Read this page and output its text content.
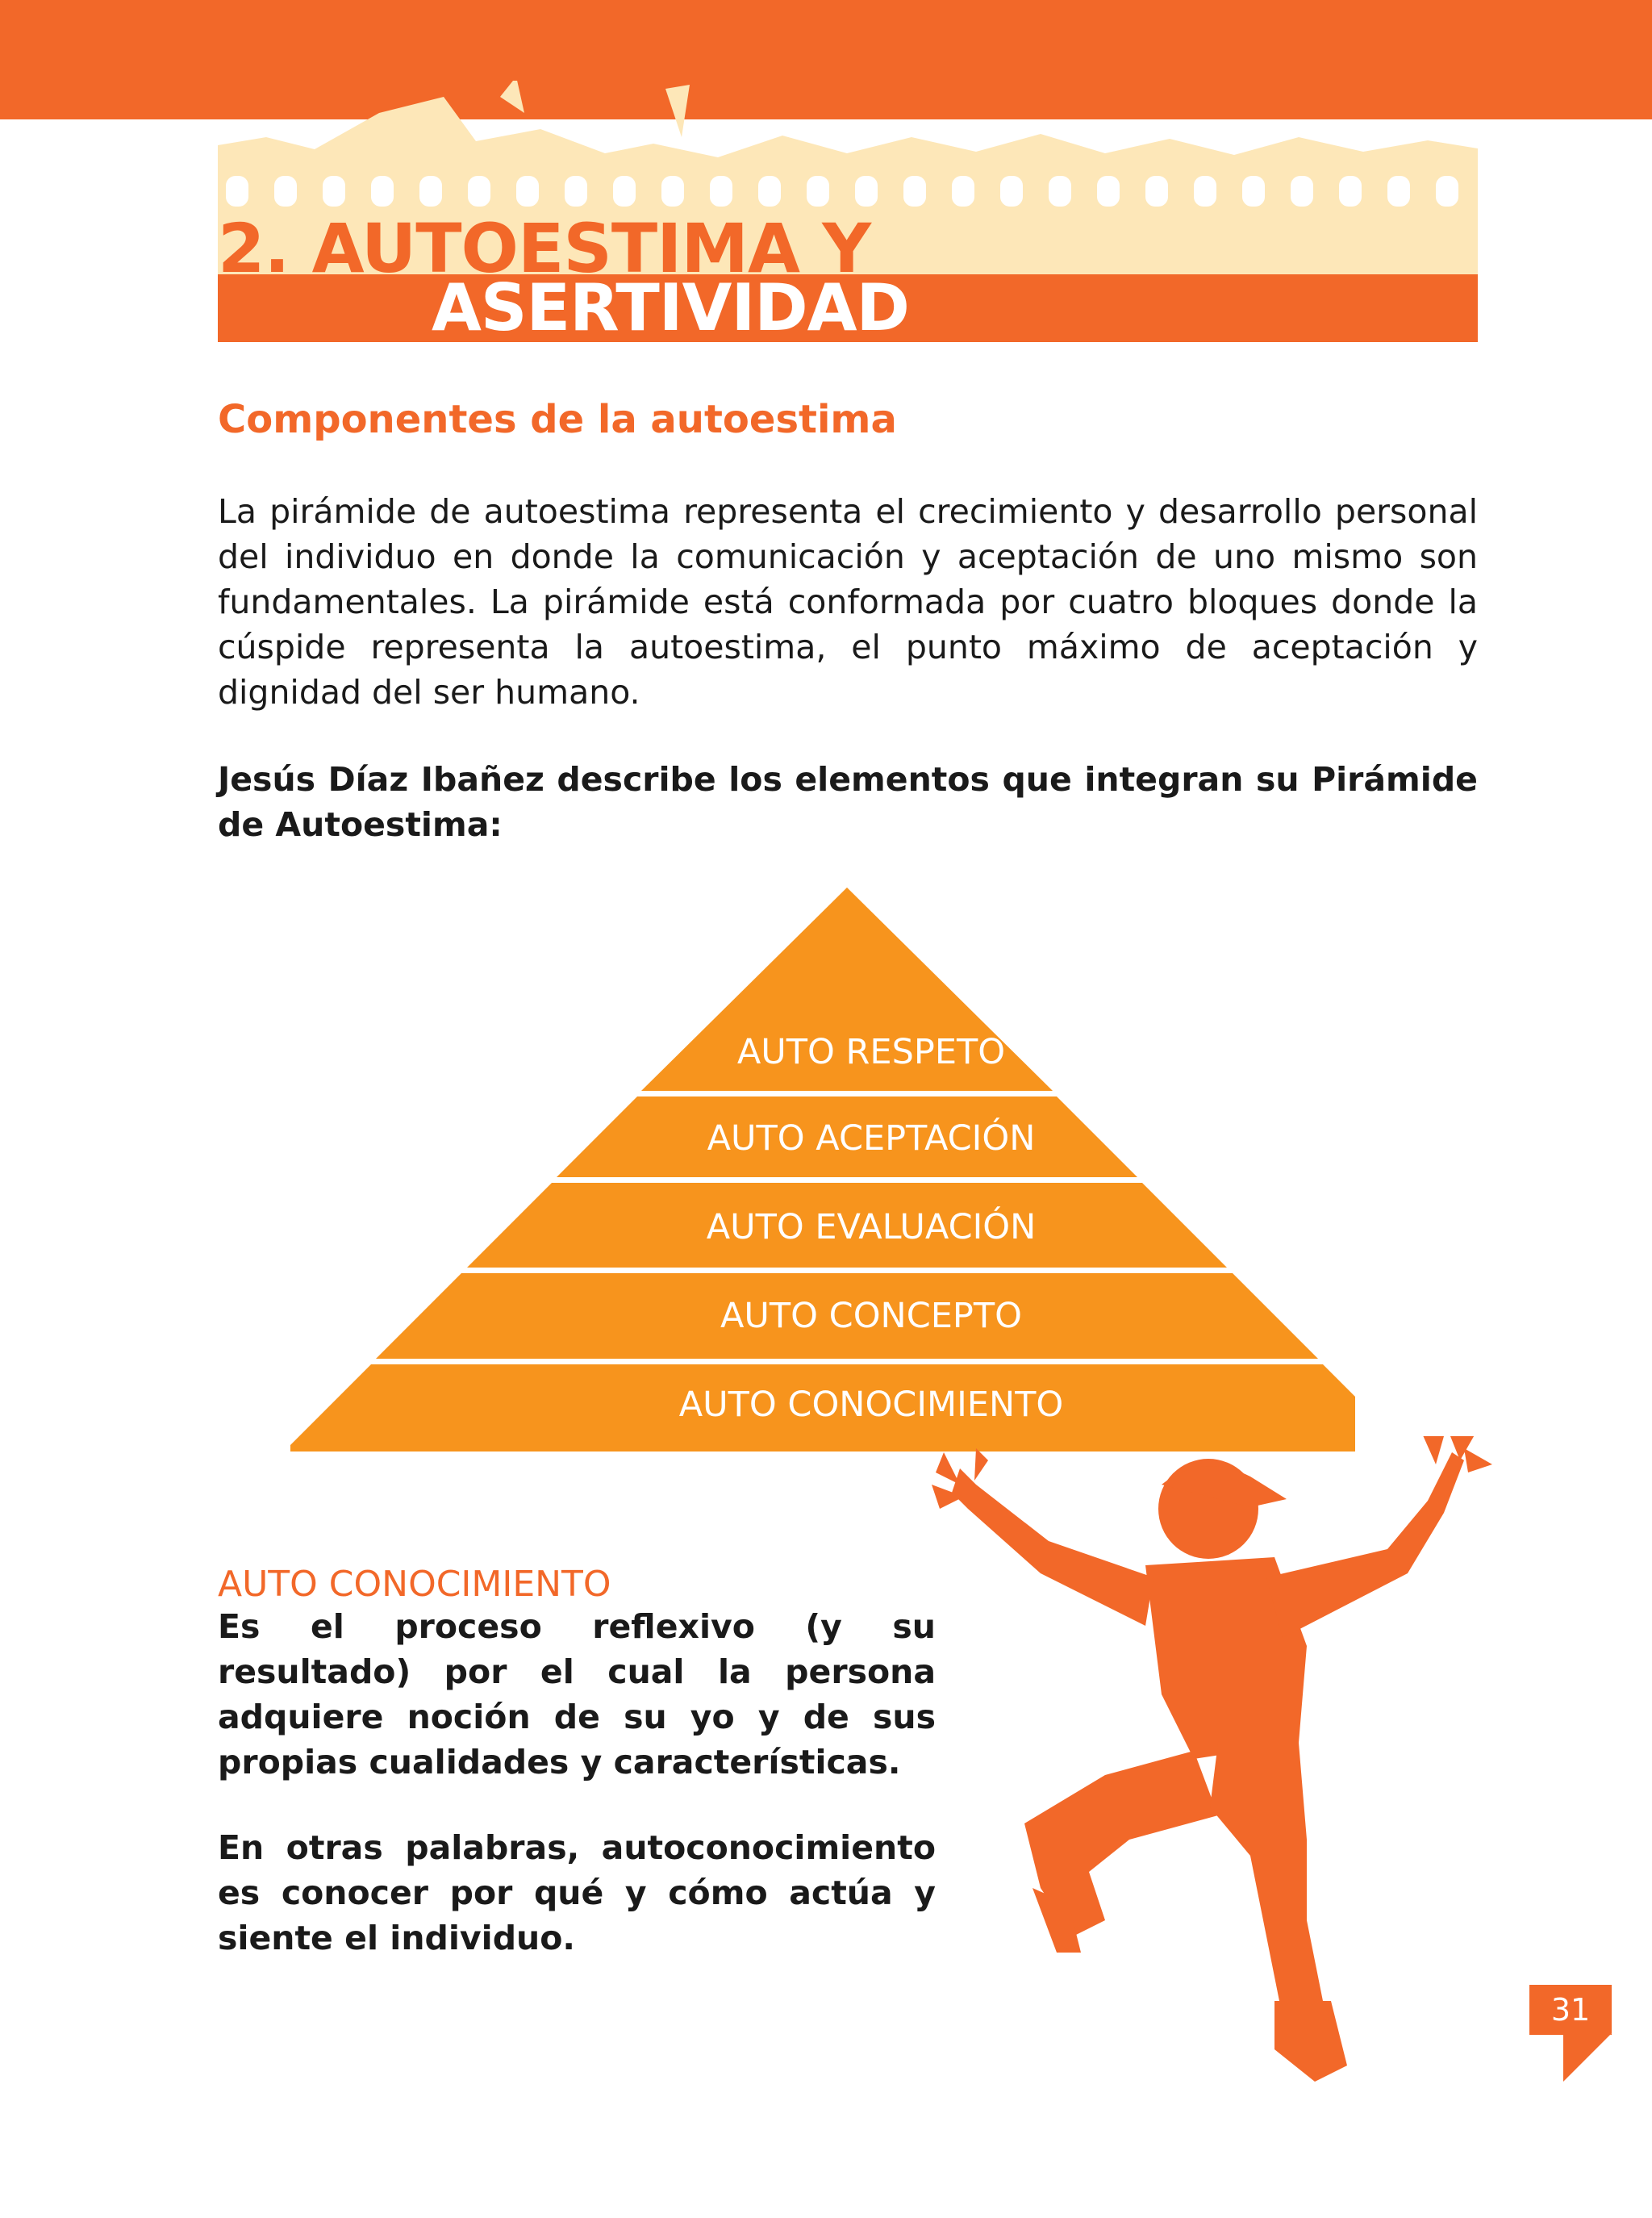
2. AUTOESTIMA Y
ASERTIVIDAD
Componentes de la autoestima

La pirámide de autoestima representa el crecimiento y desarrollo personal del individuo en donde la comunicación y aceptación de uno mismo son fundamentales. La pirámide está conformada por cuatro bloques donde la cúspide representa la autoestima, el punto máximo de aceptación y dignidad del ser humano.

Jesús Díaz Ibañez describe los elementos que integran su Pirámide de Autoestima:

AUTO RESPETO
AUTO ACEPTACIÓN
AUTO EVALUACIÓN
AUTO CONCEPTO
AUTO CONOCIMIENTO
AUTO CONOCIMIENTO

Es el proceso reflexivo (y su resultado) por el cual la persona adquiere noción de su yo y de sus propias cualidades y características.

En otras palabras, autoconocimiento es conocer por qué y cómo actúa y siente el individuo.

31
